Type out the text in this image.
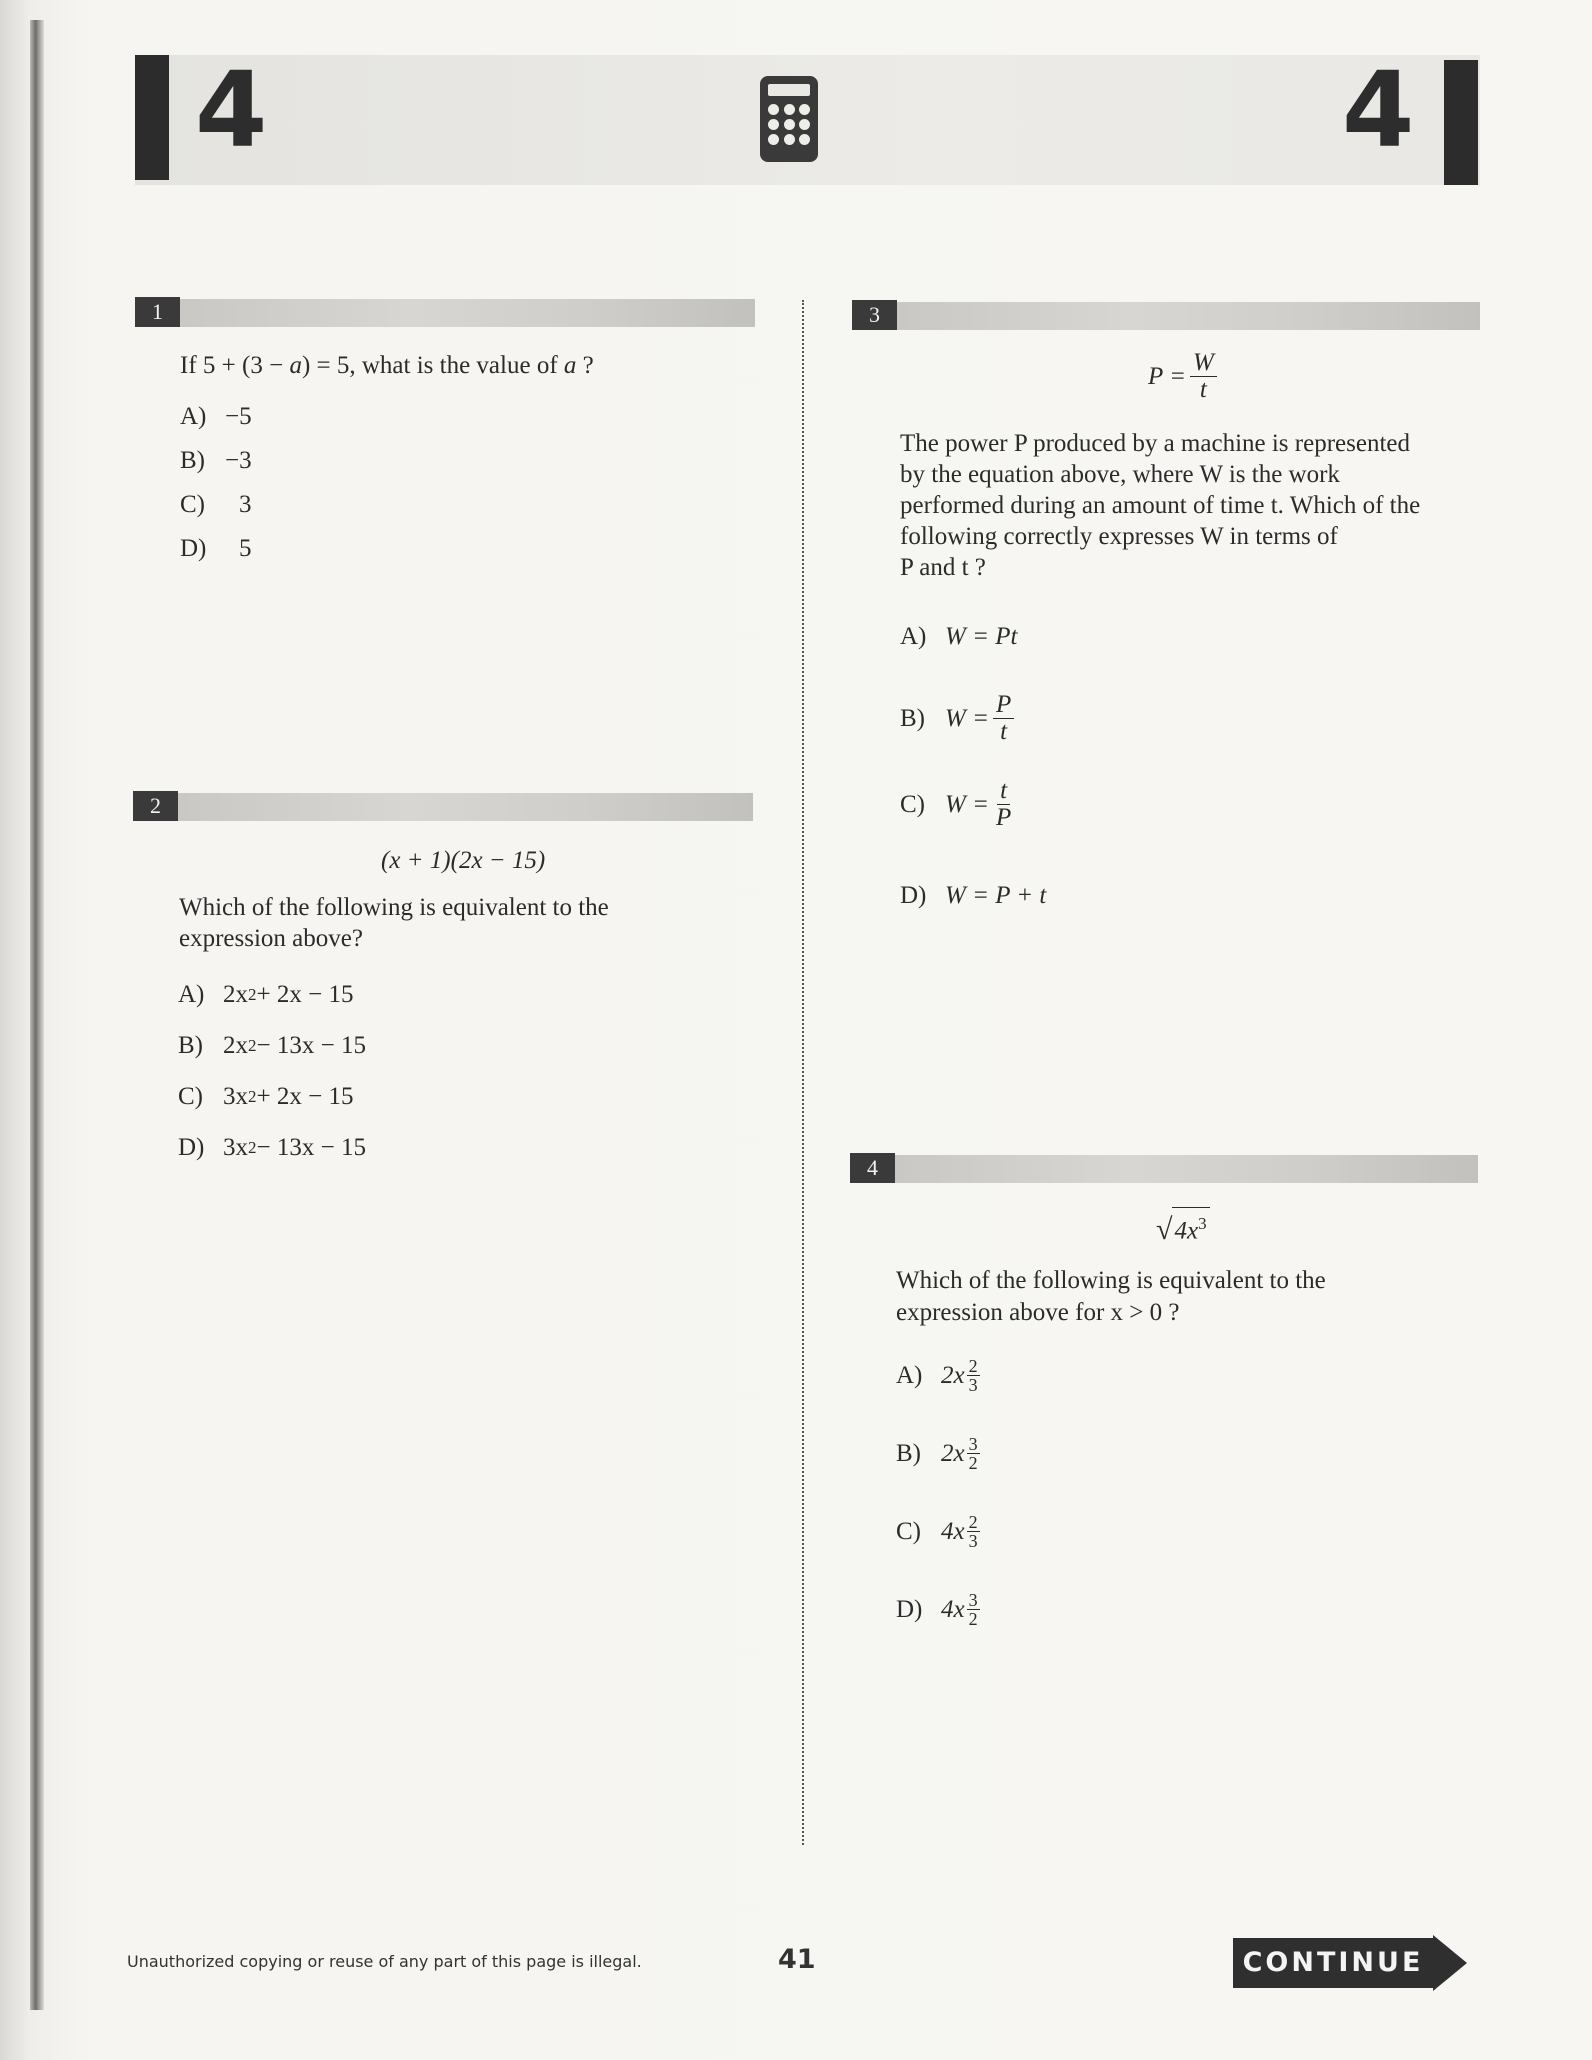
4	4
1
If 5 + (3 − a) = 5, what is the value of a ?
A) −5
B) −3
C)	3
D)	5
2
(x + 1)(2x − 15)
Which of the following is equivalent to the
expression above?
A) 2x 2 + 2x − 15
B) 2x 2 − 13x − 15
C) 3x 2 + 2x − 15
D) 3x 2 − 13x − 15
3
$P = \frac{W}{t}$
The power P produced by a machine is represented
by the equation above, where W is the work
performed during an amount of time t. Which of the
following correctly expresses W in terms of
P and t ?
A) W = Pt
B) $W = \frac{P}{t}$
C) $W = \frac{t}{P}$
D) W = P + t
4
√ $4x^3$
Which of the following is equivalent to the
expression above for x > 0 ?
A) $2x \frac{2}{3}$
B) $2x \frac{3}{2}$
C) $4x \frac{2}{3}$
D) $4x \frac{3}{2}$
Unauthorized copying or reuse of any part of this page is illegal.	41	CONTINUE
